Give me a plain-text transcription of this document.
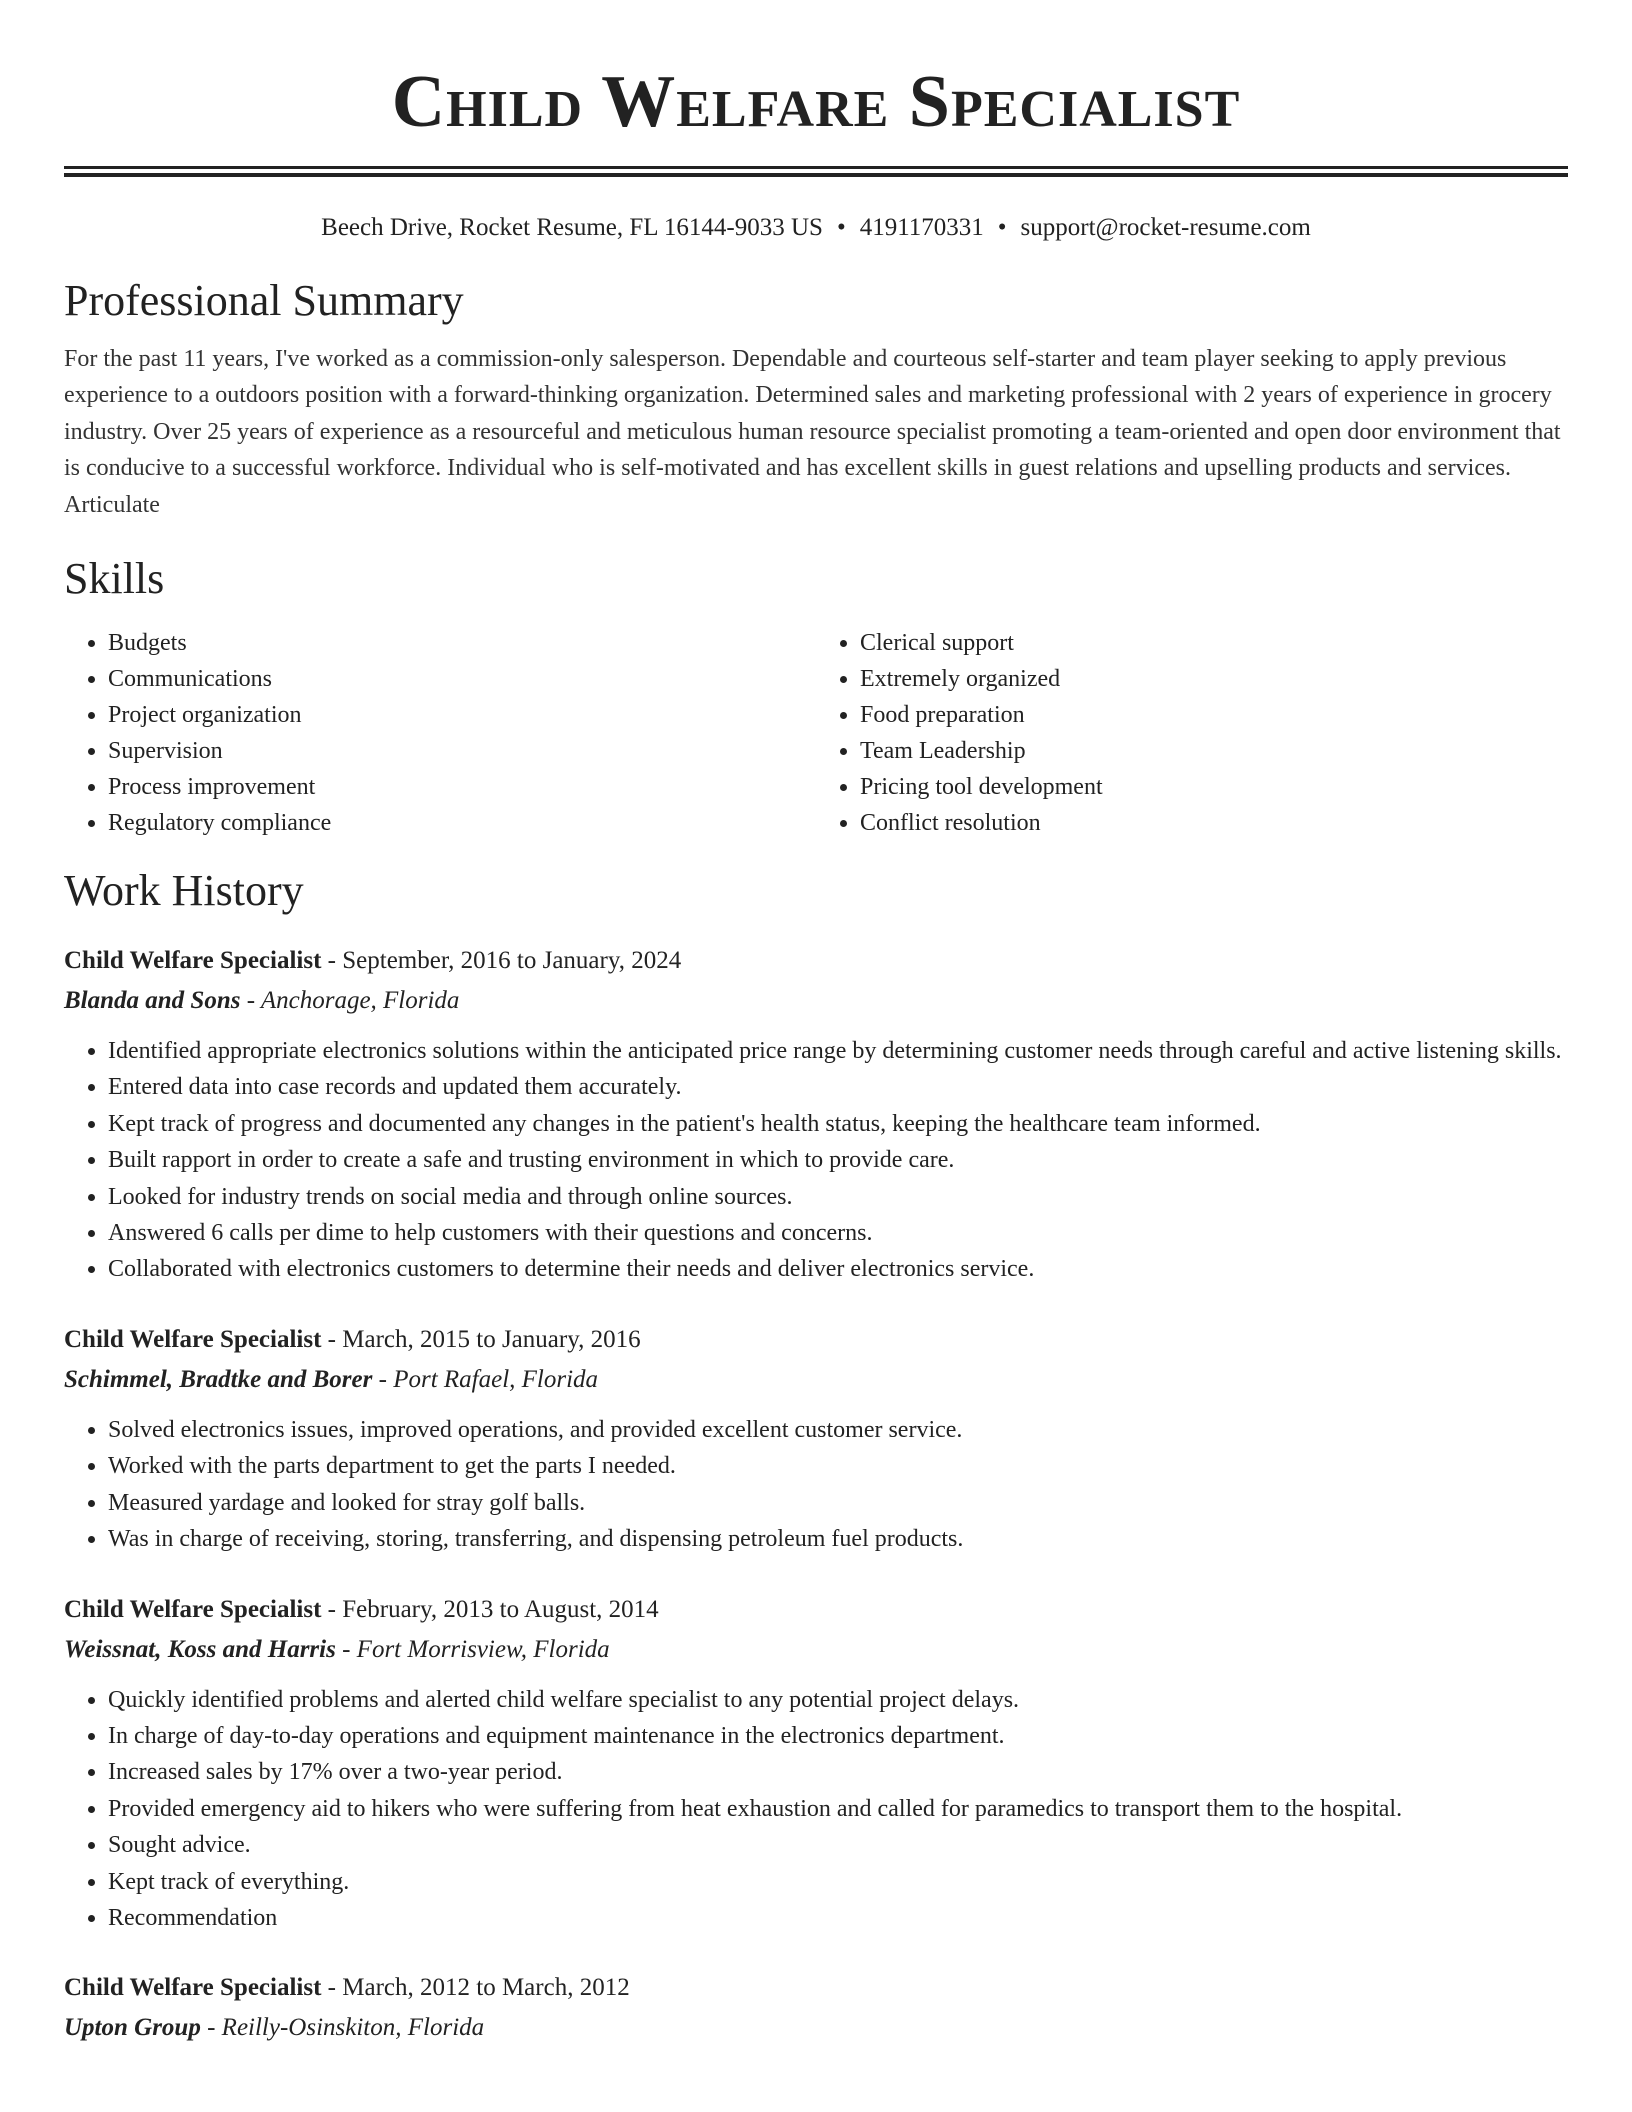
Child Welfare Specialist
Beech Drive, Rocket Resume, FL 16144-9033 US • 4191170331 • support@rocket-resume.com
Professional Summary
For the past 11 years, I've worked as a commission-only salesperson. Dependable and courteous self-starter and team player seeking to apply previous experience to a outdoors position with a forward-thinking organization. Determined sales and marketing professional with 2 years of experience in grocery industry. Over 25 years of experience as a resourceful and meticulous human resource specialist promoting a team-oriented and open door environment that is conducive to a successful workforce. Individual who is self-motivated and has excellent skills in guest relations and upselling products and services. Articulate
Skills
• Budgets
• Communications
• Project organization
• Supervision
• Process improvement
• Regulatory compliance
• Clerical support
• Extremely organized
• Food preparation
• Team Leadership
• Pricing tool development
• Conflict resolution
Work History
Child Welfare Specialist - September, 2016 to January, 2024
Blanda and Sons - Anchorage, Florida
• Identified appropriate electronics solutions within the anticipated price range by determining customer needs through careful and active listening skills.
• Entered data into case records and updated them accurately.
• Kept track of progress and documented any changes in the patient's health status, keeping the healthcare team informed.
• Built rapport in order to create a safe and trusting environment in which to provide care.
• Looked for industry trends on social media and through online sources.
• Answered 6 calls per dime to help customers with their questions and concerns.
• Collaborated with electronics customers to determine their needs and deliver electronics service.
Child Welfare Specialist - March, 2015 to January, 2016
Schimmel, Bradtke and Borer - Port Rafael, Florida
• Solved electronics issues, improved operations, and provided excellent customer service.
• Worked with the parts department to get the parts I needed.
• Measured yardage and looked for stray golf balls.
• Was in charge of receiving, storing, transferring, and dispensing petroleum fuel products.
Child Welfare Specialist - February, 2013 to August, 2014
Weissnat, Koss and Harris - Fort Morrisview, Florida
• Quickly identified problems and alerted child welfare specialist to any potential project delays.
• In charge of day-to-day operations and equipment maintenance in the electronics department.
• Increased sales by 17% over a two-year period.
• Provided emergency aid to hikers who were suffering from heat exhaustion and called for paramedics to transport them to the hospital.
• Sought advice.
• Kept track of everything.
• Recommendation
Child Welfare Specialist - March, 2012 to March, 2012
Upton Group - Reilly-Osinskiton, Florida
